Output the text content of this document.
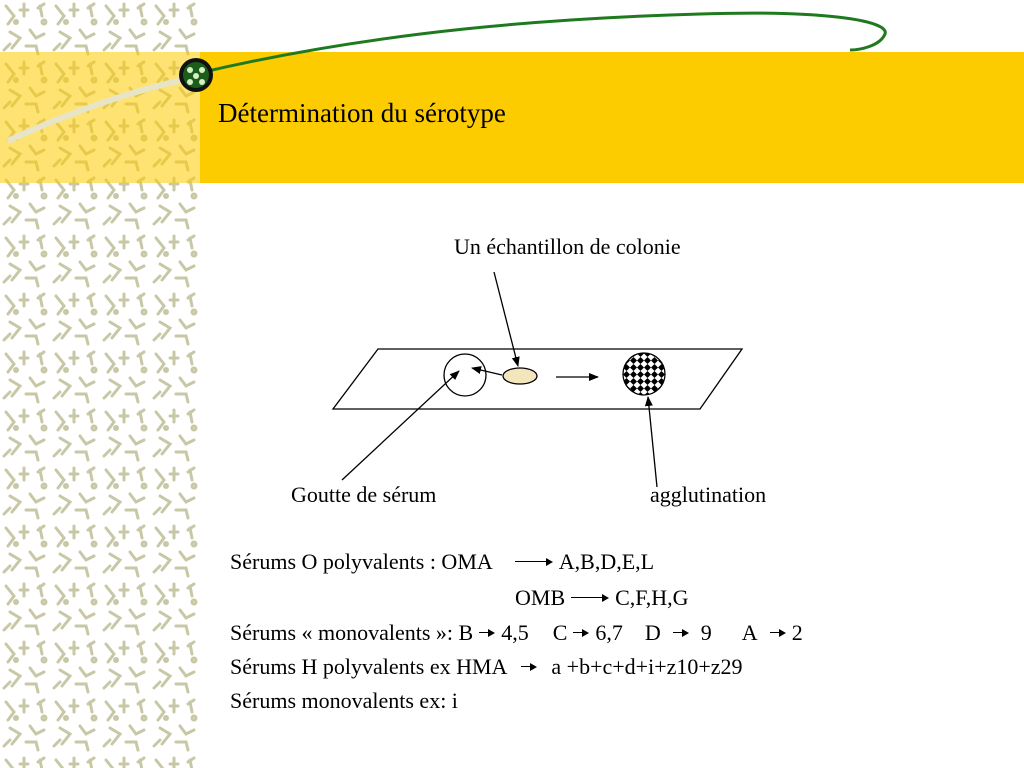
Détermination du sérotype
Un échantillon de colonie
Goutte de sérum	agglutination
Sérums O polyvalents : OMA	A,B,D,E,L
OMB C,F,H,G
Sérums « monovalents »: B 4,5 C 6,7 D 9 A 2
Sérums H polyvalents ex HMA a +b+c+d+i+z10+z29
Sérums monovalents ex: i
